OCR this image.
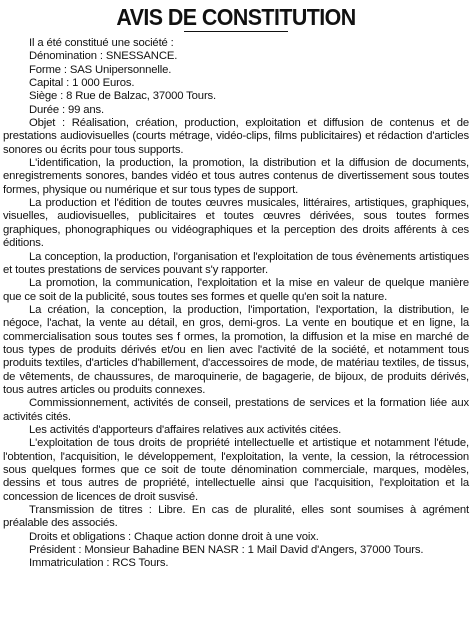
AVIS DE CONSTITUTION

Il a été constitué une société :

Dénomination : SNESSANCE.

Forme : SAS Unipersonnelle.

Capital : 1 000 Euros.

Siège : 8 Rue de Balzac, 37000 Tours.

Durée : 99 ans.

Objet : Réalisation, création, production, exploitation et diffusion de contenus et de prestations audiovisuelles (courts métrage, vidéo-clips, films publicitaires) et rédaction d'articles sonores ou écrits pour tous supports.

L'identification, la production, la promotion, la distribution et la diffusion de documents, enregistrements sonores, bandes vidéo et tous autres contenus de divertissement sous toutes formes, physique ou numérique et sur tous types de support.

La production et l'édition de toutes œuvres musicales, littéraires, artistiques, graphiques, visuelles, audiovisuelles, publicitaires et toutes œuvres dérivées, sous toutes formes graphiques, phonographiques ou vidéographiques et la perception des droits afférents à ces éditions.

La conception, la production, l'organisation et l'exploitation de tous évènements artistiques et toutes prestations de services pouvant s'y rapporter.

La promotion, la communication, l'exploitation et la mise en valeur de quelque manière que ce soit de la publicité, sous toutes ses formes et quelle qu'en soit la nature.

La création, la conception, la production, l'importation, l'exportation, la distribution, le négoce, l'achat, la vente au détail, en gros, demi-gros. La vente en boutique et en ligne, la commercialisation sous toutes ses f ormes, la promotion, la diffusion et la mise en marché de tous types de produits dérivés et/ou en lien avec l'activité de la société, et notamment tous produits textiles, d'articles d'habillement, d'accessoires de mode, de matériau textiles, de tissus, de vêtements, de chaussures, de maroquinerie, de bagagerie, de bijoux, de produits dérivés, tous autres articles ou produits connexes.

Commissionnement, activités de conseil, prestations de services et la formation liée aux activités cités.

Les activités d'apporteurs d'affaires relatives aux activités citées.

L'exploitation de tous droits de propriété intellectuelle et artistique et notamment l'étude, l'obtention, l'acquisition, le développement, l'exploitation, la vente, la cession, la rétrocession sous quelques formes que ce soit de toute dénomination commerciale, marques, modèles, dessins et tous autres de propriété, intellectuelle ainsi que l'acquisition, l'exploitation et la concession de licences de droit susvisé.

Transmission de titres : Libre. En cas de pluralité, elles sont soumises à agrément préalable des associés.

Droits et obligations : Chaque action donne droit à une voix.

Président : Monsieur Bahadine BEN NASR : 1 Mail David d'Angers, 37000 Tours.

Immatriculation : RCS Tours.
